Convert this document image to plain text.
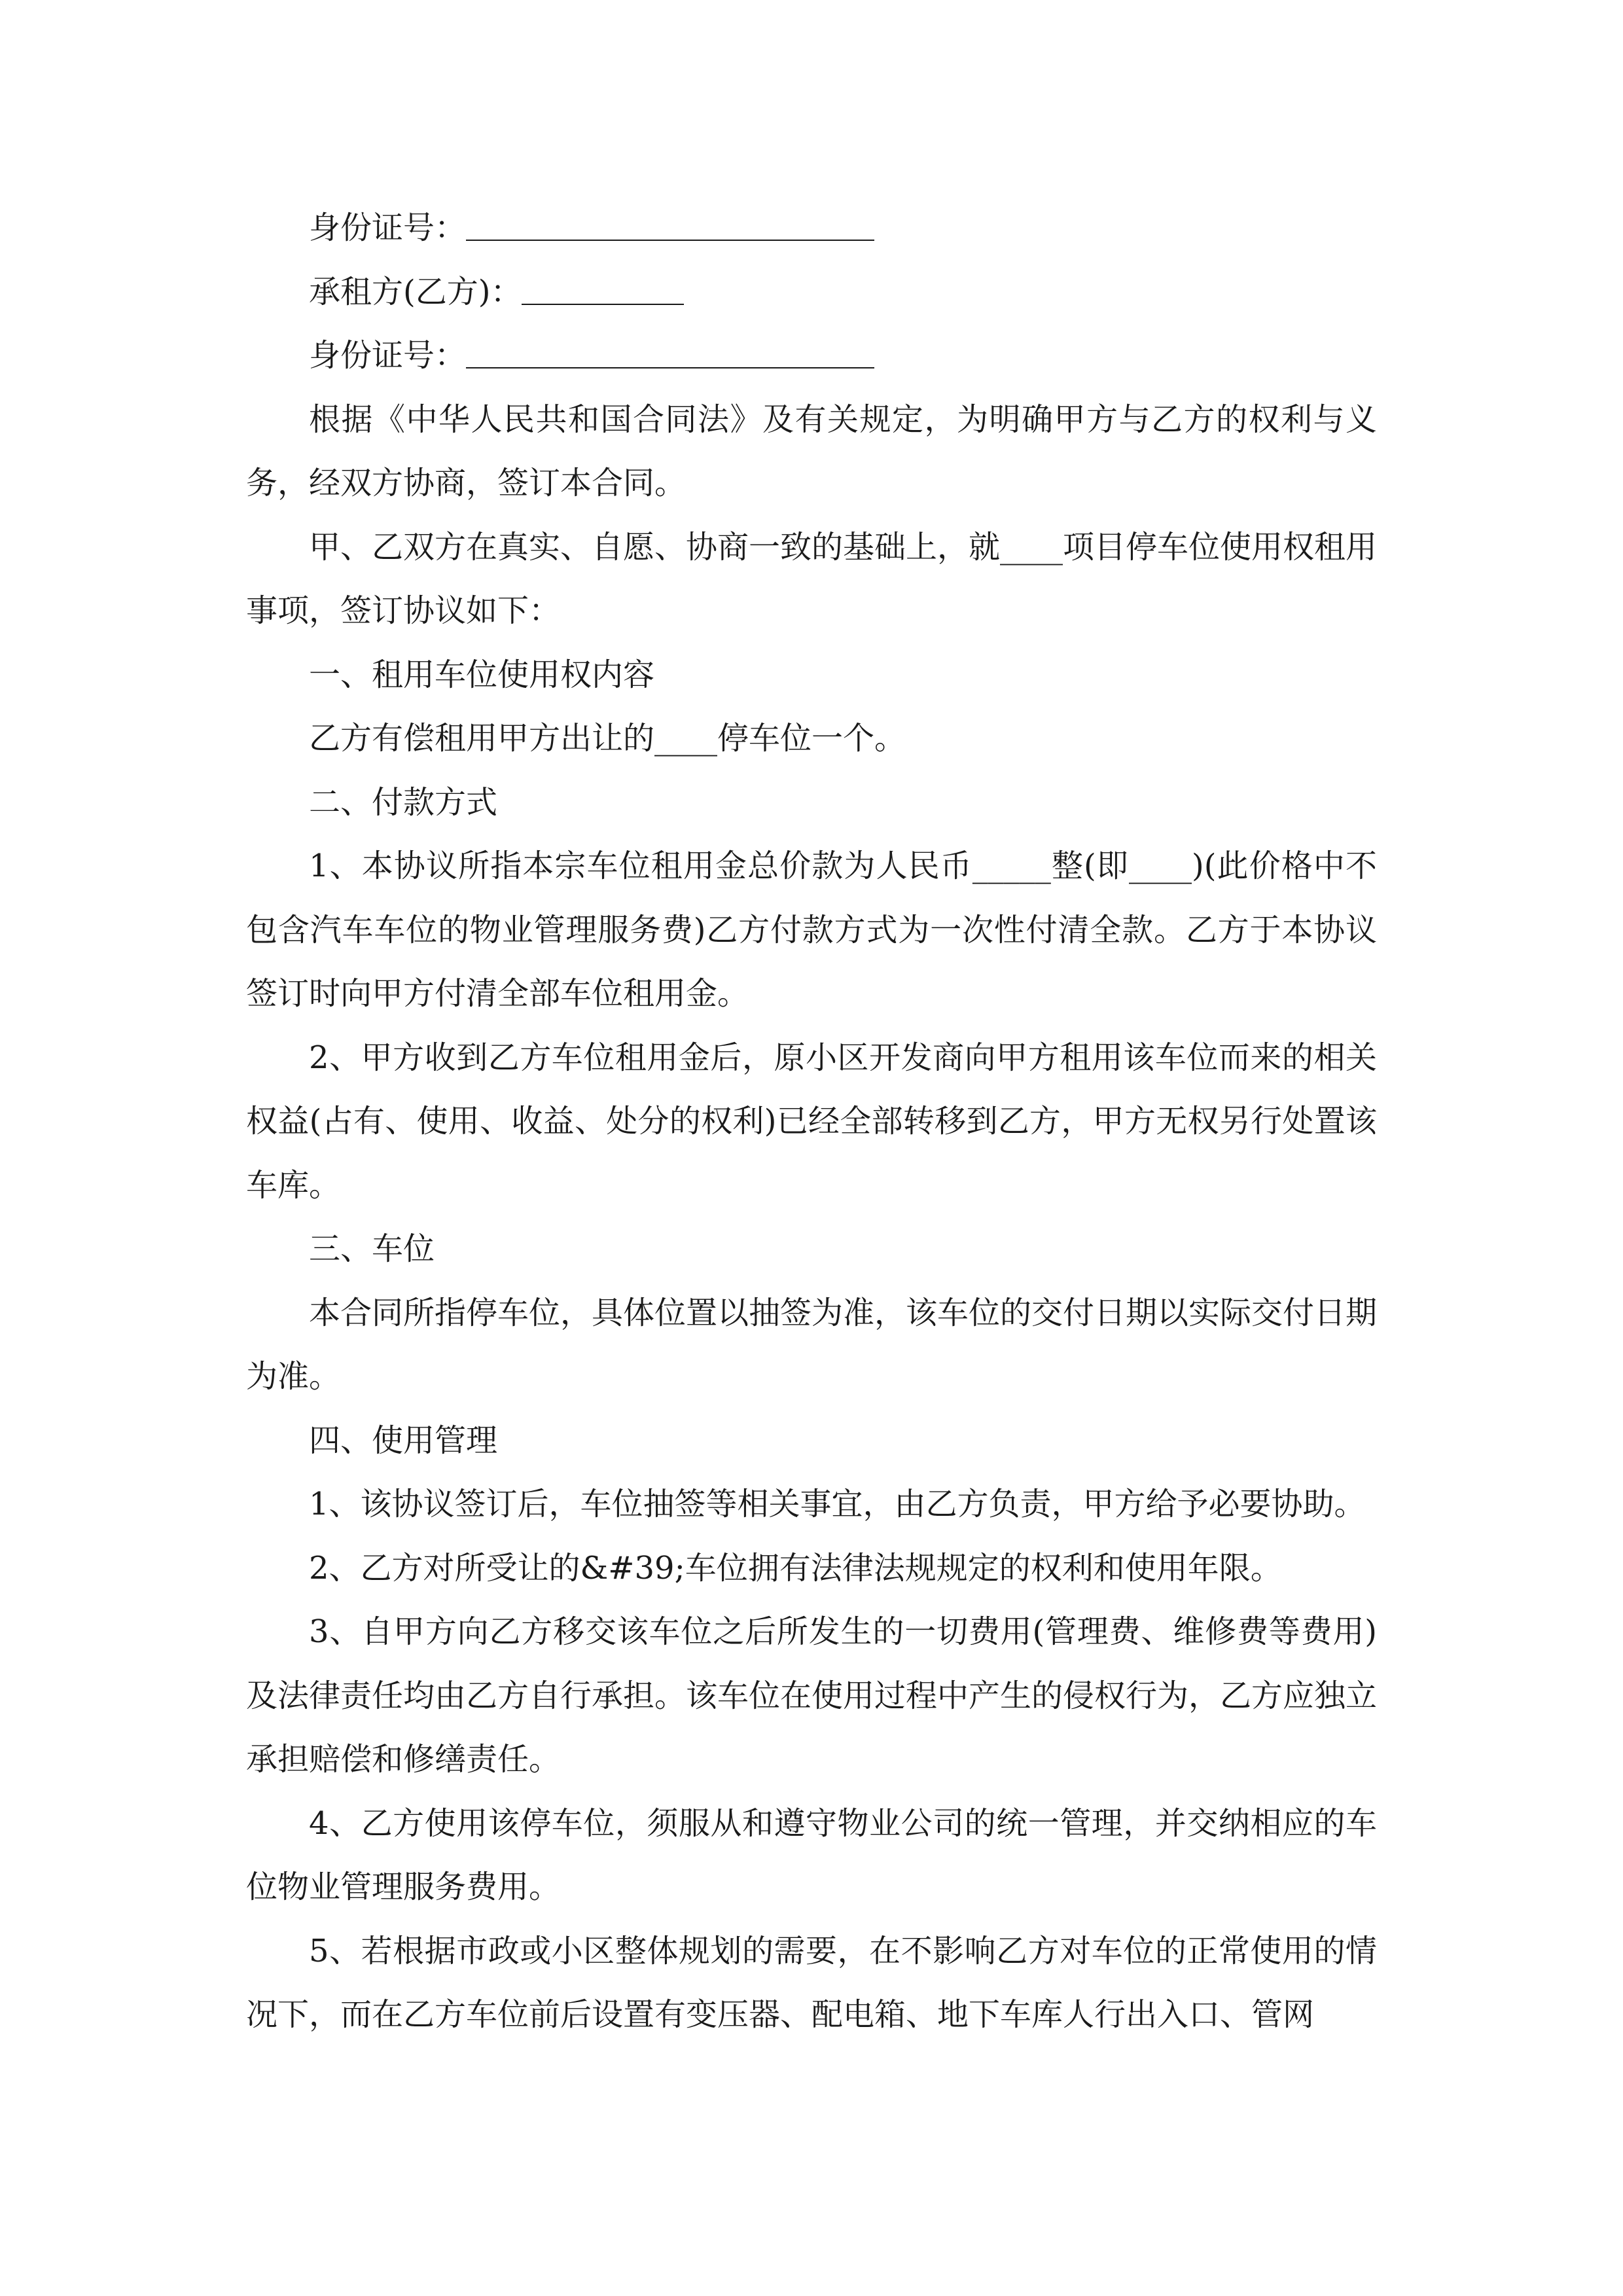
身份证号：

承租方(乙方)：

身份证号：

根据《中华人民共和国合同法》及有关规定，为明确甲方与乙方的权利与义务，经双方协商，签订本合同。

甲、乙双方在真实、自愿、协商一致的基础上，就____项目停车位使用权租用事项，签订协议如下：

一、租用车位使用权内容

乙方有偿租用甲方出让的____停车位一个。

二、付款方式

1、本协议所指本宗车位租用金总价款为人民币_____整(即____)(此价格中不包含汽车车位的物业管理服务费)乙方付款方式为一次性付清全款。乙方于本协议签订时向甲方付清全部车位租用金。

2、甲方收到乙方车位租用金后，原小区开发商向甲方租用该车位而来的相关权益(占有、使用、收益、处分的权利)已经全部转移到乙方，甲方无权另行处置该车库。

三、车位

本合同所指停车位，具体位置以抽签为准，该车位的交付日期以实际交付日期为准。

四、使用管理

1、该协议签订后，车位抽签等相关事宜，由乙方负责，甲方给予必要协助。

2、乙方对所受让的&#39;车位拥有法律法规规定的权利和使用年限。

3、自甲方向乙方移交该车位之后所发生的一切费用(管理费、维修费等费用)及法律责任均由乙方自行承担。该车位在使用过程中产生的侵权行为，乙方应独立承担赔偿和修缮责任。

4、乙方使用该停车位，须服从和遵守物业公司的统一管理，并交纳相应的车位物业管理服务费用。

5、若根据市政或小区整体规划的需要，在不影响乙方对车位的正常使用的情况下，而在乙方车位前后设置有变压器、配电箱、地下车库人行出入口、管网
